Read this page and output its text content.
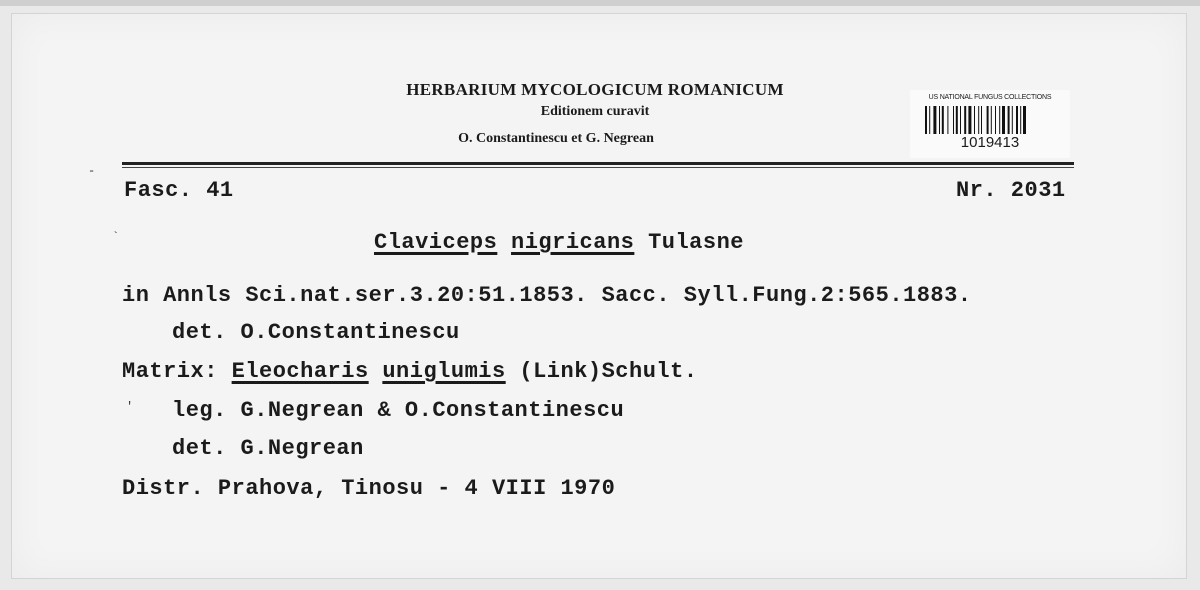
HERBARIUM MYCOLOGICUM ROMANICUM
Editionem curavit
O. Constantinescu et G. Negrean
US NATIONAL FUNGUS COLLECTIONS
1019413
Fasc. 41	Nr. 2031
Claviceps nigricans Tulasne
in Annls Sci.nat.ser.3.20:51.1853. Sacc. Syll.Fung.2:565.1883.
det. O.Constantinescu
Matrix: Eleocharis uniglumis (Link)Schult.
leg. G.Negrean & O.Constantinescu
det. G.Negrean
Distr. Prahova, Tinosu - 4 VIII 1970
-
`
'
